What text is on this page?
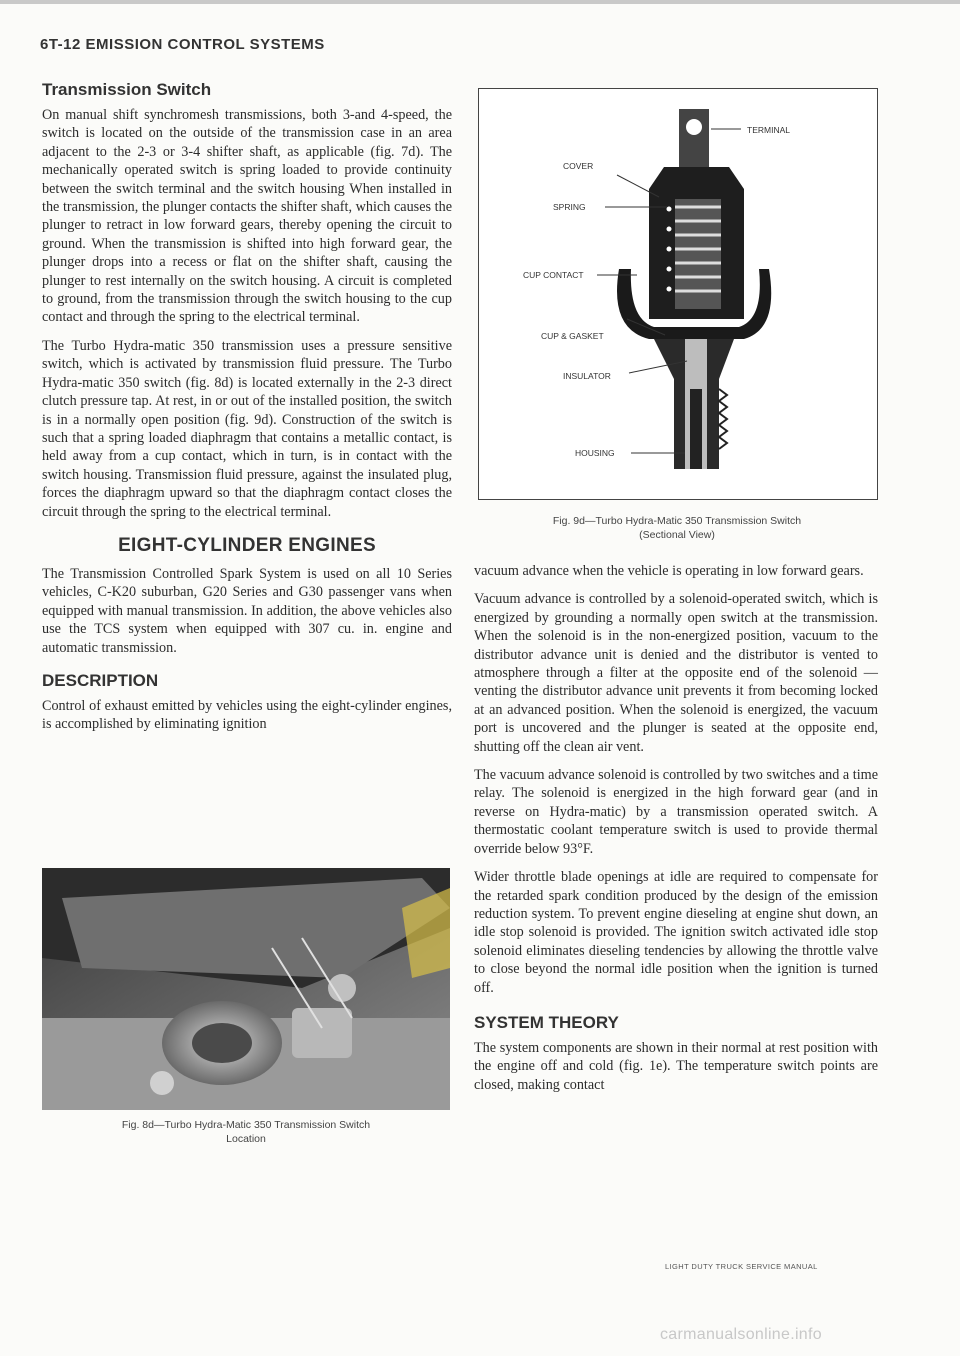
6T-12 EMISSION CONTROL SYSTEMS
Transmission Switch

On manual shift synchromesh transmissions, both 3-and 4-speed, the switch is located on the outside of the transmission case in an area adjacent to the 2-3 or 3-4 shifter shaft, as applicable (fig. 7d). The mechanically operated switch is spring loaded to provide continuity between the switch terminal and the switch housing When installed in the transmission, the plunger contacts the shifter shaft, which causes the plunger to retract in low forward gears, thereby opening the circuit to ground. When the transmission is shifted into high forward gear, the plunger drops into a recess or flat on the shifter shaft, causing the plunger to rest internally on the switch housing. A circuit is completed to ground, from the transmission through the switch housing to the cup contact and through the spring to the electrical terminal.

The Turbo Hydra-matic 350 transmission uses a pressure sensitive switch, which is activated by transmission fluid pressure. The Turbo Hydra-matic 350 switch (fig. 8d) is located externally in the 2-3 direct clutch pressure tap. At rest, in or out of the installed position, the switch is in a normally open position (fig. 9d). Construction of the switch is such that a spring loaded diaphragm that contains a metallic contact, is held away from a cup contact, which in turn, is in contact with the switch housing. Transmission fluid pressure, against the insulated plug, forces the diaphragm upward so that the diaphragm contact closes the circuit through the spring to the electrical terminal.

EIGHT-CYLINDER ENGINES

The Transmission Controlled Spark System is used on all 10 Series vehicles, C-K20 suburban, G20 Series and G30 passenger vans when equipped with manual transmission. In addition, the above vehicles also use the TCS system when equipped with 307 cu. in. engine and automatic transmission.

DESCRIPTION

Control of exhaust emitted by vehicles using the eight-cylinder engines, is accomplished by eliminating ignition

Fig. 8d—Turbo Hydra-Matic 350 Transmission Switch
Location
TERMINAL
COVER
SPRING
CUP CONTACT
CUP & GASKET
INSULATOR
HOUSING
Fig. 9d—Turbo Hydra-Matic 350 Transmission Switch
(Sectional View)

vacuum advance when the vehicle is operating in low forward gears.

Vacuum advance is controlled by a solenoid-operated switch, which is energized by grounding a normally open switch at the transmission. When the solenoid is in the non-energized position, vacuum to the distributor advance unit is denied and the distributor is vented to atmosphere through a filter at the opposite end of the solenoid — venting the distributor advance unit prevents it from becoming locked at an advanced position. When the solenoid is energized, the vacuum port is uncovered and the plunger is seated at the opposite end, shutting off the clean air vent.

The vacuum advance solenoid is controlled by two switches and a time relay. The solenoid is energized in the high forward gear (and in reverse on Hydra-matic) by a transmission operated switch. A thermostatic coolant temperature switch is used to provide thermal override below 93°F.

Wider throttle blade openings at idle are required to compensate for the retarded spark condition produced by the design of the emission reduction system. To prevent engine dieseling at engine shut down, an idle stop solenoid is provided. The ignition switch activated idle stop solenoid eliminates dieseling tendencies by allowing the throttle valve to close beyond the normal idle position when the ignition is turned off.

SYSTEM THEORY

The system components are shown in their normal at rest position with the engine off and cold (fig. 1e). The temperature switch points are closed, making contact

LIGHT DUTY TRUCK SERVICE MANUAL
carmanualsonline.info
